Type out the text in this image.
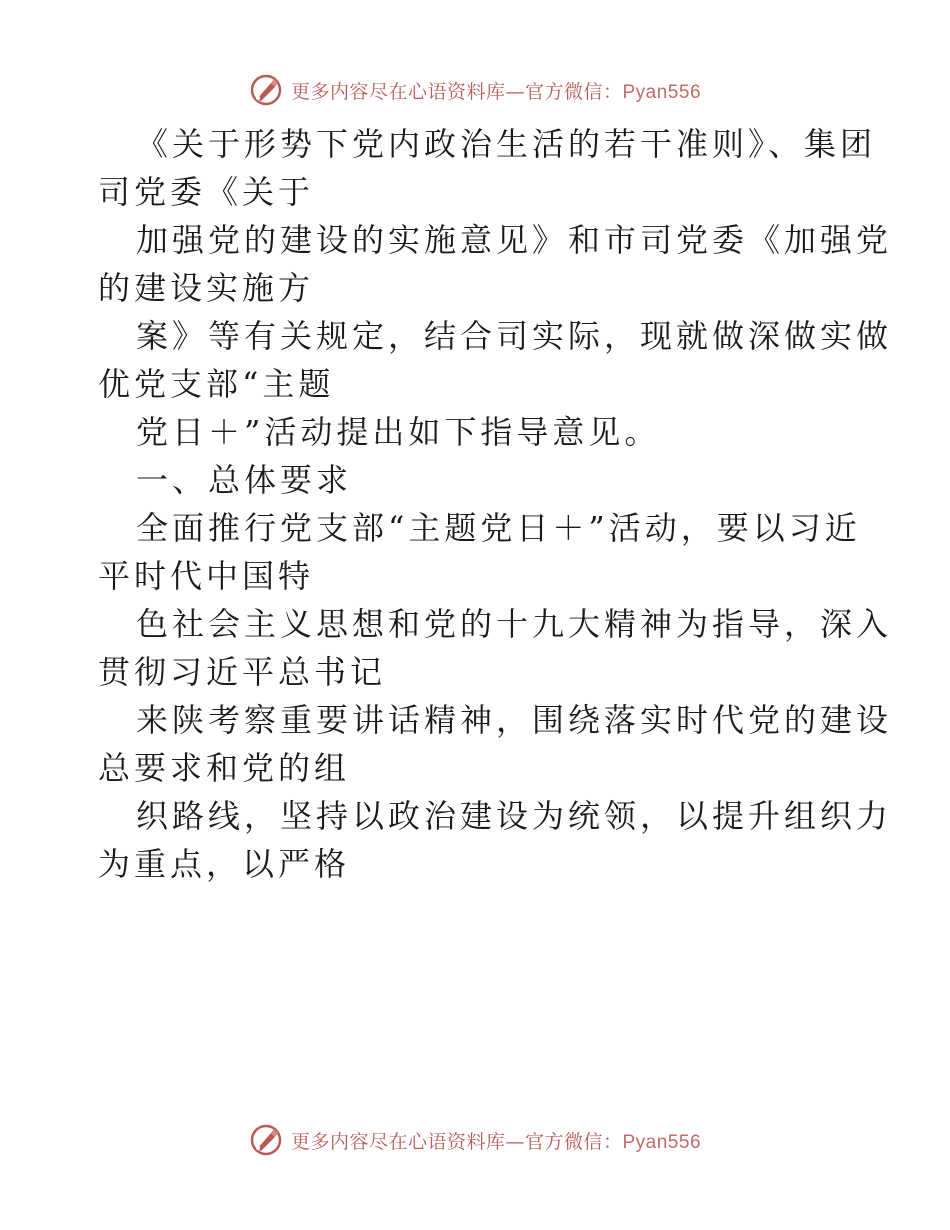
更多内容尽在心语资料库—官方微信：Pyan556
《关于形势下党内政治生活的若干准则》、集团
司党委《关于
加强党的建设的实施意见》和市司党委《加强党
的建设实施方
案》等有关规定，结合司实际，现就做深做实做
优党支部“主题
党日＋”活动提出如下指导意见。
一、总体要求
全面推行党支部“主题党日＋”活动，要以习近
平时代中国特
色社会主义思想和党的十九大精神为指导，深入
贯彻习近平总书记
来陕考察重要讲话精神，围绕落实时代党的建设
总要求和党的组
织路线，坚持以政治建设为统领，以提升组织力
为重点，以严格
更多内容尽在心语资料库—官方微信：Pyan556
